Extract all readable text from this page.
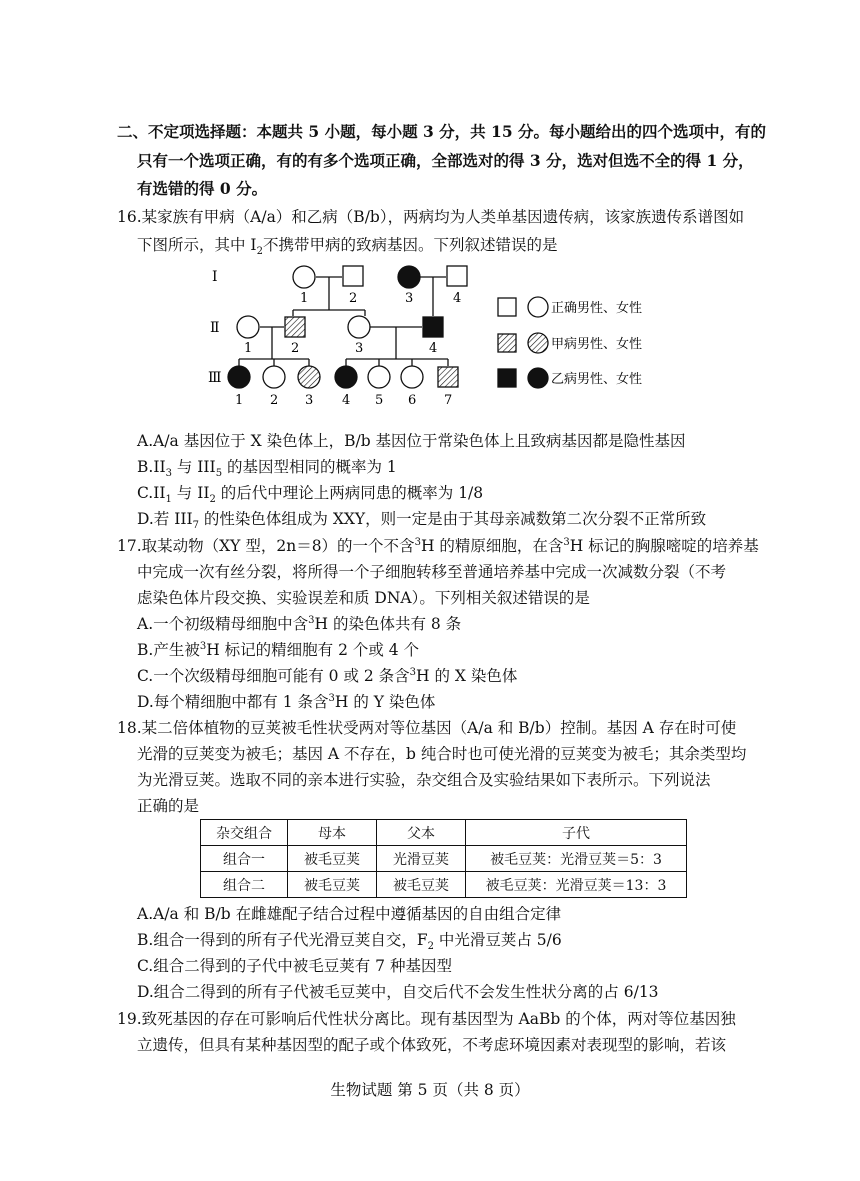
二、不定项选择题：本题共 5 小题，每小题 3 分，共 15 分。每小题给出的四个选项中，有的
只有一个选项正确，有的有多个选项正确，全部选对的得 3 分，选对但选不全的得 1 分，
有选错的得 0 分。
16.某家族有甲病（A/a）和乙病（B/b），两病均为人类单基因遗传病，该家族遗传系谱图如
下图所示，其中 $I_2$不携带甲病的致病基因。下列叙述错误的是
I
Ⅱ
Ⅲ
1	2	3	4
1	2	3	4
1 2 3 4 5 6 7
正确男性、女性
甲病男性、女性
乙病男性、女性
A.A/a 基因位于 X 染色体上，B/b 基因位于常染色体上且致病基因都是隐性基因
$B.II_3$ 与 $III_5$ 的基因型相同的概率为 1
$C.II_1$ 与 $II_2$ 的后代中理论上两病同患的概率为 1/8
D.若 $III_7$ 的性染色体组成为 XXY，则一定是由于其母亲减数第二次分裂不正常所致
17.取某动物（XY 型，2n＝8）的一个不含$^3$H 的精原细胞，在含$^3$H 标记的胸腺嘧啶的培养基
中完成一次有丝分裂，将所得一个子细胞转移至普通培养基中完成一次减数分裂（不考
虑染色体片段交换、实验误差和质 DNA）。下列相关叙述错误的是
A.一个初级精母细胞中含$^3$H 的染色体共有 8 条
B.产生被$^3$H 标记的精细胞有 2 个或 4 个
C.一个次级精母细胞可能有 0 或 2 条含$^3$H 的 X 染色体
D.每个精细胞中都有 1 条含$^3$H 的 Y 染色体
18.某二倍体植物的豆荚被毛性状受两对等位基因（A/a 和 B/b）控制。基因 A 存在时可使
光滑的豆荚变为被毛；基因 A 不存在，b 纯合时也可使光滑的豆荚变为被毛；其余类型均
为光滑豆荚。选取不同的亲本进行实验，杂交组合及实验结果如下表所示。下列说法
正确的是
杂交组合	母本	父本	子代
组合一	被毛豆荚	光滑豆荚	被毛豆荚：光滑豆荚＝5：3
组合二	被毛豆荚	被毛豆荚	被毛豆荚：光滑豆荚＝13：3
A.A/a 和 B/b 在雌雄配子结合过程中遵循基因的自由组合定律
B.组合一得到的所有子代光滑豆荚自交，$F_2$ 中光滑豆荚占 5/6
C.组合二得到的子代中被毛豆荚有 7 种基因型
D.组合二得到的所有子代被毛豆荚中，自交后代不会发生性状分离的占 6/13
19.致死基因的存在可影响后代性状分离比。现有基因型为 AaBb 的个体，两对等位基因独
立遗传，但具有某种基因型的配子或个体致死，不考虑环境因素对表现型的影响，若该
生物试题 第 5 页（共 8 页）
